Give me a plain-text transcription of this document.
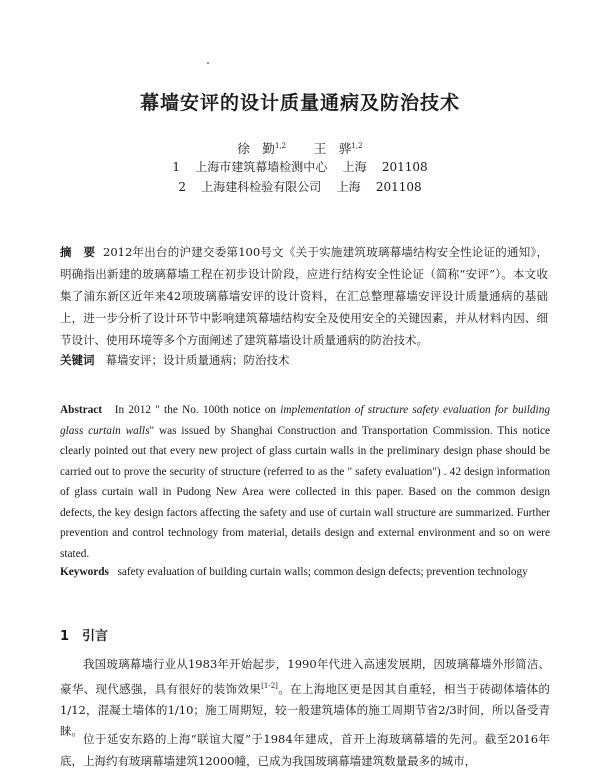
幕墙安评的设计质量通病及防治技术
徐　勤$^{1,2}$ 王　骅$^{1,2}$
1 上海市建筑幕墙检测中心 上海 201108
2 上海建科检验有限公司 上海 201108
摘　要 2012年出台的沪建交委第100号文《关于实施建筑玻璃幕墙结构安全性论证的通知》，明确指出新建的玻璃幕墙工程在初步设计阶段，应进行结构安全性论证（简称“安评”）。本文收集了浦东新区近年来42项玻璃幕墙安评的设计资料，在汇总整理幕墙安评设计质量通病的基础上，进一步分析了设计环节中影响建筑幕墙结构安全及使用安全的关键因素，并从材料内因、细节设计、使用环境等多个方面阐述了建筑幕墙设计质量通病的防治技术。
关键词 幕墙安评；设计质量通病；防治技术
Abstract In 2012 " the No. 100th notice on implementation of structure safety evaluation for building glass curtain walls" was issued by Shanghai Construction and Transportation Commission. This notice clearly pointed out that every new project of glass curtain walls in the preliminary design phase should be carried out to prove the security of structure (referred to as the " safety evaluation") . 42 design information of glass curtain wall in Pudong New Area were collected in this paper. Based on the common design defects, the key design factors affecting the safety and use of curtain wall structure are summarized. Further prevention and control technology from material, details design and external environment and so on were stated.
Keywords safety evaluation of building curtain walls; common design defects; prevention technology
1　引言
我国玻璃幕墙行业从1983年开始起步，1990年代进入高速发展期，因玻璃幕墙外形简洁、豪华、现代感强，具有很好的装饰效果[1-2]。在上海地区更是因其自重轻，相当于砖砌体墙体的1/12，混凝土墙体的1/10；施工周期短，较一般建筑墙体的施工周期节省2/3时间，所以备受青睐。
位于延安东路的上海“联谊大厦”于1984年建成，首开上海玻璃幕墙的先河。截至2016年底，上海约有玻璃幕墙建筑12000幢，已成为我国玻璃幕墙建筑数量最多的城市，
